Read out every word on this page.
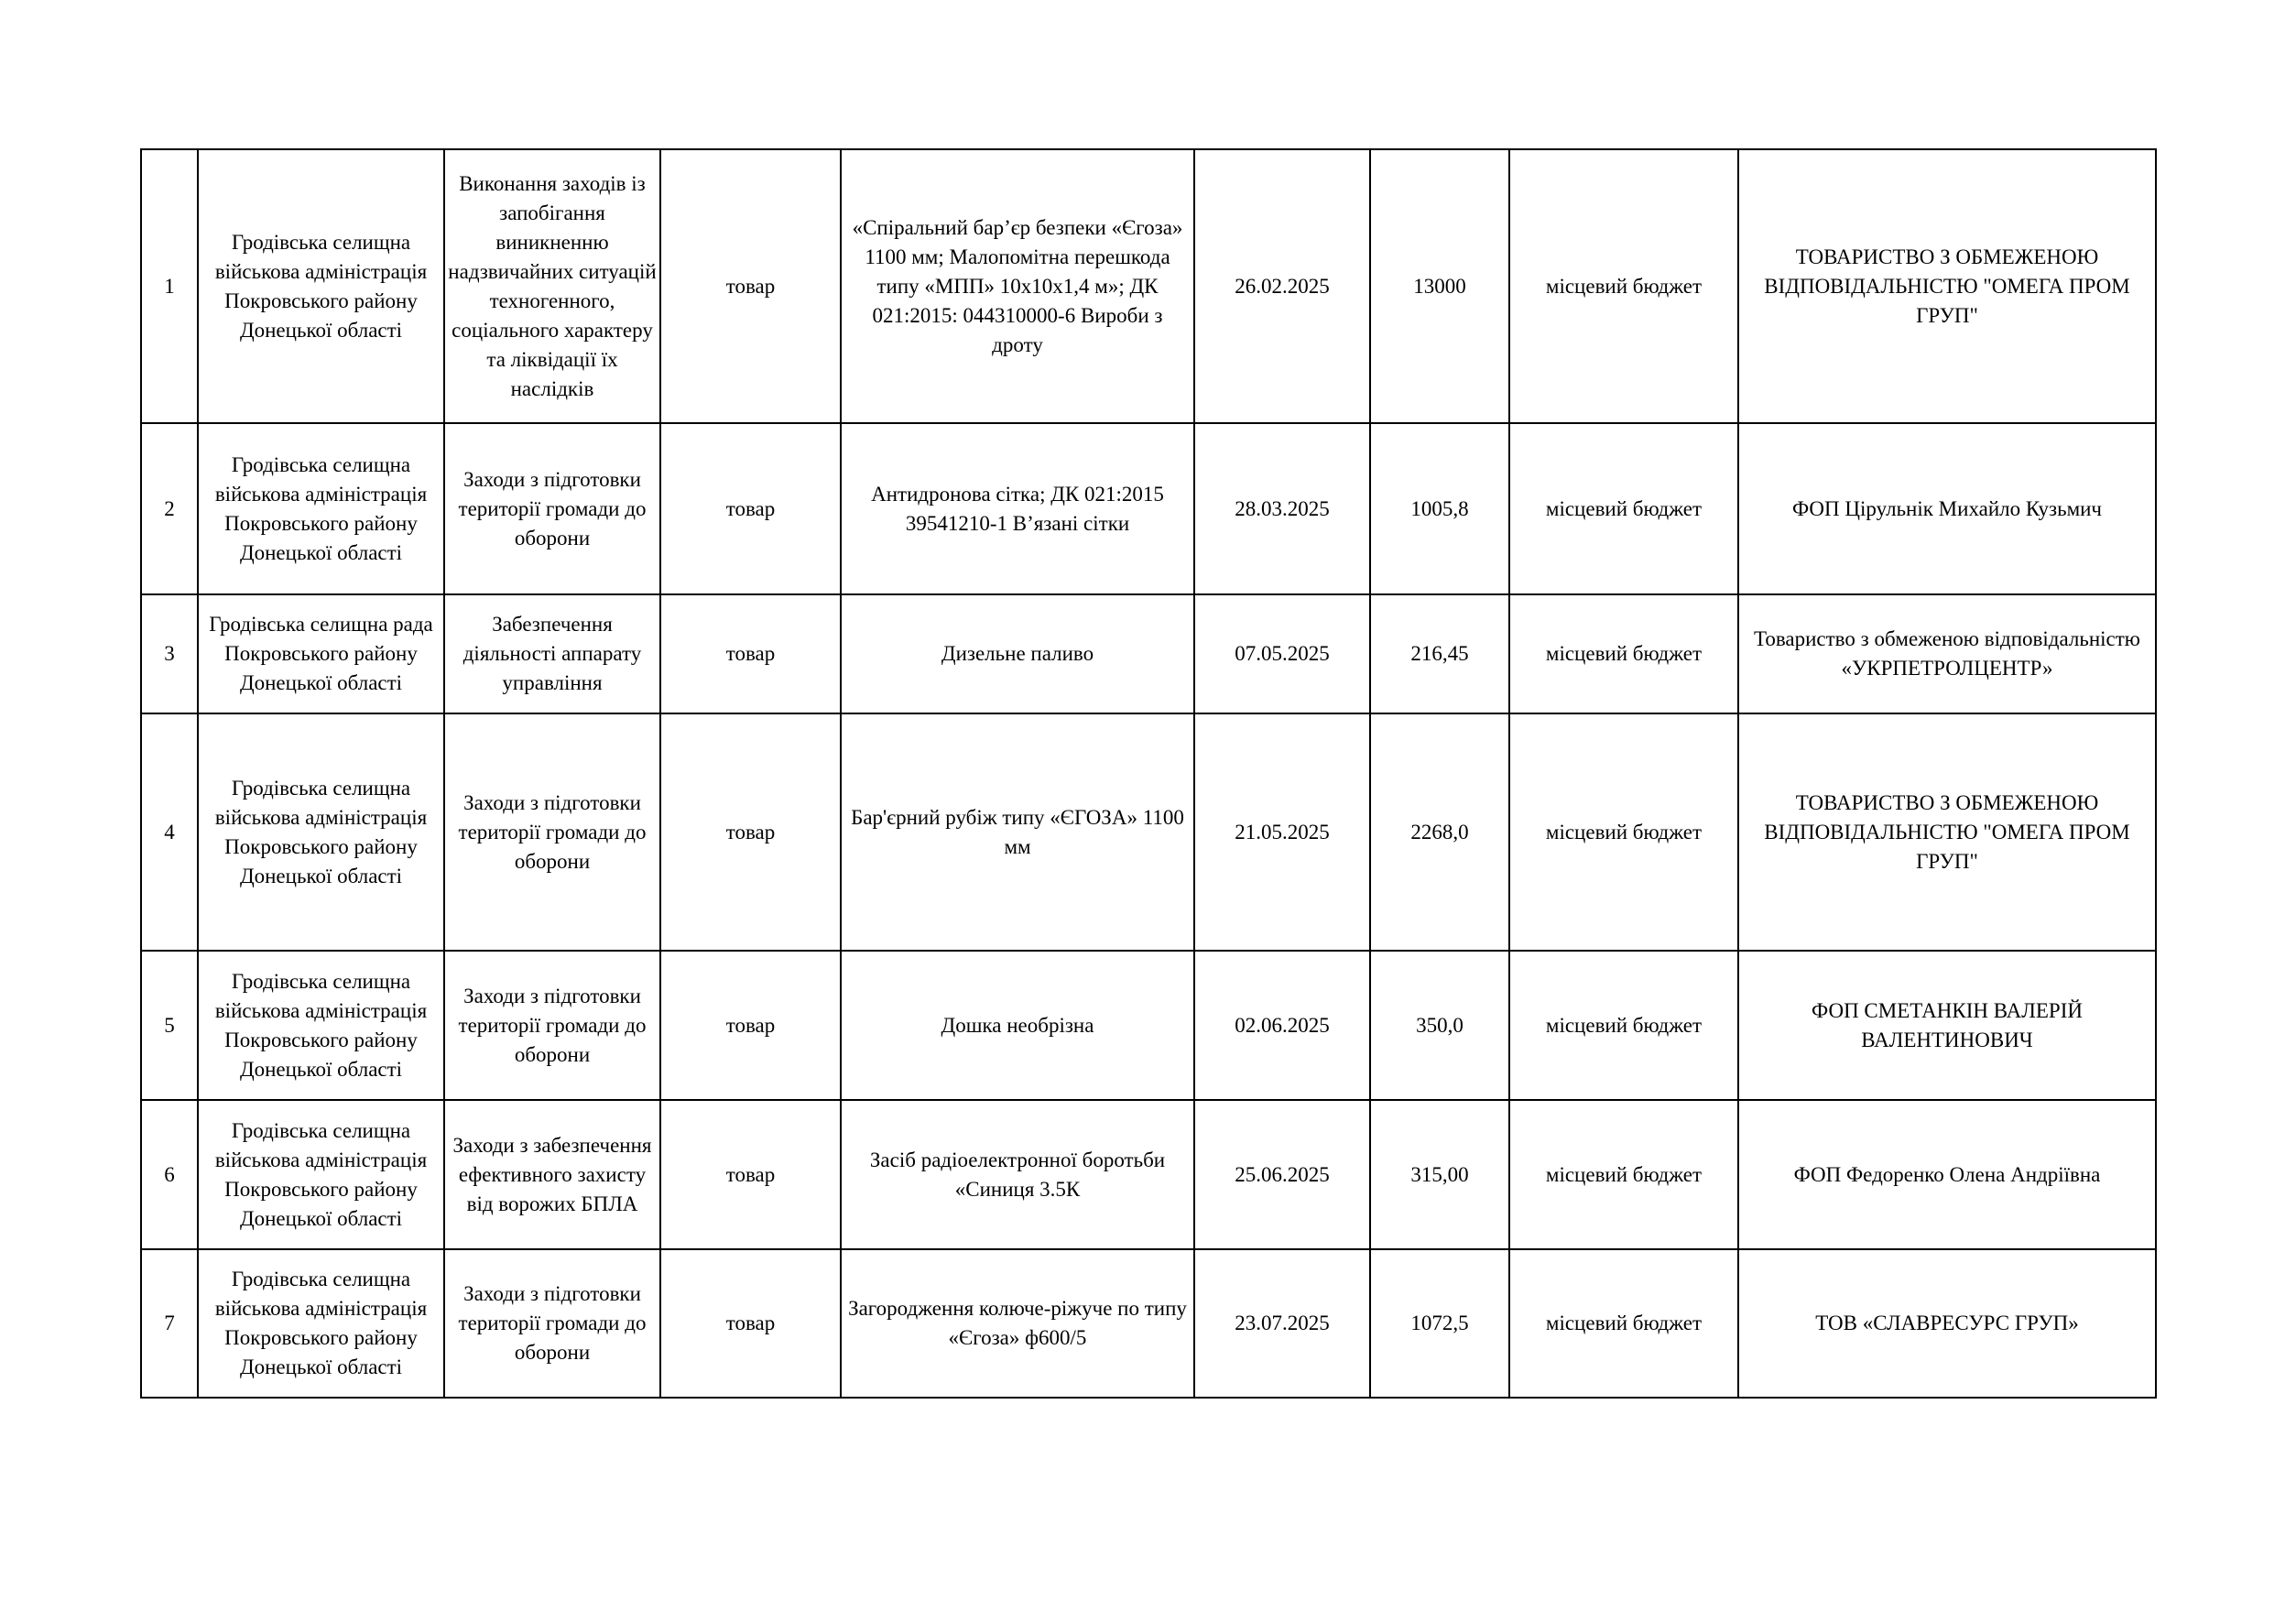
1	Гродівська селищна військова адміністрація Покровського району Донецької області	Виконання заходів із запобігання виникненню надзвичайних ситуацій техногенного, соціального характеру та ліквідації їх наслідків	товар	«Спіральний бар’єр безпеки «Єгоза» 1100 мм; Малопомітна перешкода типу «МПП» 10х10х1,4 м»; ДК 021:2015: 044310000-6 Вироби з дроту	26.02.2025	13000	місцевий бюджет	ТОВАРИСТВО З ОБМЕЖЕНОЮ ВІДПОВІДАЛЬНІСТЮ "ОМЕГА ПРОМ ГРУП"
2	Гродівська селищна військова адміністрація Покровського району Донецької області	Заходи з підготовки території громади до оборони	товар	Антидронова сітка; ДК 021:2015 39541210-1 В’язані сітки	28.03.2025	1005,8	місцевий бюджет	ФОП Цірульнік Михайло Кузьмич
3	Гродівська селищна рада Покровського району Донецької області	Забезпечення діяльності аппарату управління	товар	Дизельне паливо	07.05.2025	216,45	місцевий бюджет	Товариство з обмеженою відповідальністю «УКРПЕТРОЛЦЕНТР»
4	Гродівська селищна військова адміністрація Покровського району Донецької області	Заходи з підготовки території громади до оборони	товар	Бар'єрний рубіж типу «ЄГОЗА» 1100 мм	21.05.2025	2268,0	місцевий бюджет	ТОВАРИСТВО З ОБМЕЖЕНОЮ ВІДПОВІДАЛЬНІСТЮ "ОМЕГА ПРОМ ГРУП"
5	Гродівська селищна військова адміністрація Покровського району Донецької області	Заходи з підготовки території громади до оборони	товар	Дошка необрізна	02.06.2025	350,0	місцевий бюджет	ФОП СМЕТАНКІН ВАЛЕРІЙ ВАЛЕНТИНОВИЧ
6	Гродівська селищна військова адміністрація Покровського району Донецької області	Заходи з забезпечення ефективного захисту від ворожих БПЛА	товар	Засіб радіоелектронної боротьби «Синиця 3.5К	25.06.2025	315,00	місцевий бюджет	ФОП Федоренко Олена Андріївна
7	Гродівська селищна військова адміністрація Покровського району Донецької області	Заходи з підготовки території громади до оборони	товар	Загородження колюче-ріжуче по типу «Єгоза» ф600/5	23.07.2025	1072,5	місцевий бюджет	ТОВ «СЛАВРЕСУРС ГРУП»
